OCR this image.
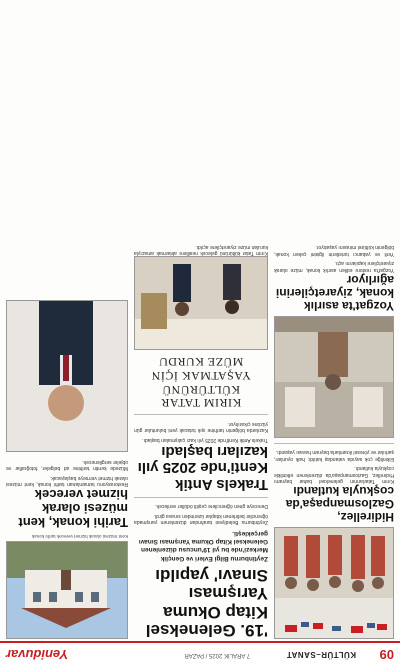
09
KÜLTÜR–SANAT
7 ARALIK 2025 / PAZAR
Yeniduvar
Hidirellez, Gazlosmanpaşa'da coşkuyla kutlandı

Kırım Tatarlarının geleneksel bahar bayramı Hıdırellez, Gaziosmanpaşa'da düzenlenen etkinlikle coşkuyla kutlandı.

Etkinliğe çok sayıda vatandaş katıldı; halk oyunları, şarkılar ve yöresel ikramlarla bayram havası yaşandı.

Yozgat'ta asırlık konak, ziyaretçilerini ağırlıyor

Yozgat'ta restore edilen asırlık konak, müze olarak ziyaretçilere kapılarını açtı.

Yerli ve yabancı turistlerin ilgisini çeken konak, bölgenin kültürel mirasını yaşatıyor.

'19. Geleneksel Kitap Okuma Yarışması Sınavı' yapıldı

Zeytinburnu Bilgi Evleri ve Gençlik Merkezi'nde bu yıl 19'uncusu düzenlenen Geleneksel Kitap Okuma Yarışması Sınavı gerçekleşti.

Zeytinburnu Belediyesi tarafından düzenlenen yarışmada öğrenciler belirlenen kitaplar üzerinden sınava girdi.

Dereceye giren öğrencilere çeşitli ödüller verilecek.

Trakels Antik Kenti'nde 2025 yılı kazıları başladı

Trakels Antik Kenti'nde 2025 yılı kazı çalışmaları başladı.

Kazılarda bölgenin tarihine ışık tutacak yeni buluntular gün yüzüne çıkarılıyor.

KIRIM TATAR KÜLTÜRÜNÜ YAŞATMAK İÇİN MÜZE KURDU

Kırım Tatar kültürünü gelecek nesillere aktarmak amacıyla kurulan müze ziyaretçilere açıldı.

Kent müzesi olarak hizmet verecek tarihi konak

Tarihi konak, kent müzesi olarak hizmet verecek

Restorasyonu tamamlanan tarihi konak, kent müzesi olarak hizmet vermeye başlayacak.

Müzede kentin tarihine ait belgeler, fotoğraflar ve objeler sergilenecek.
